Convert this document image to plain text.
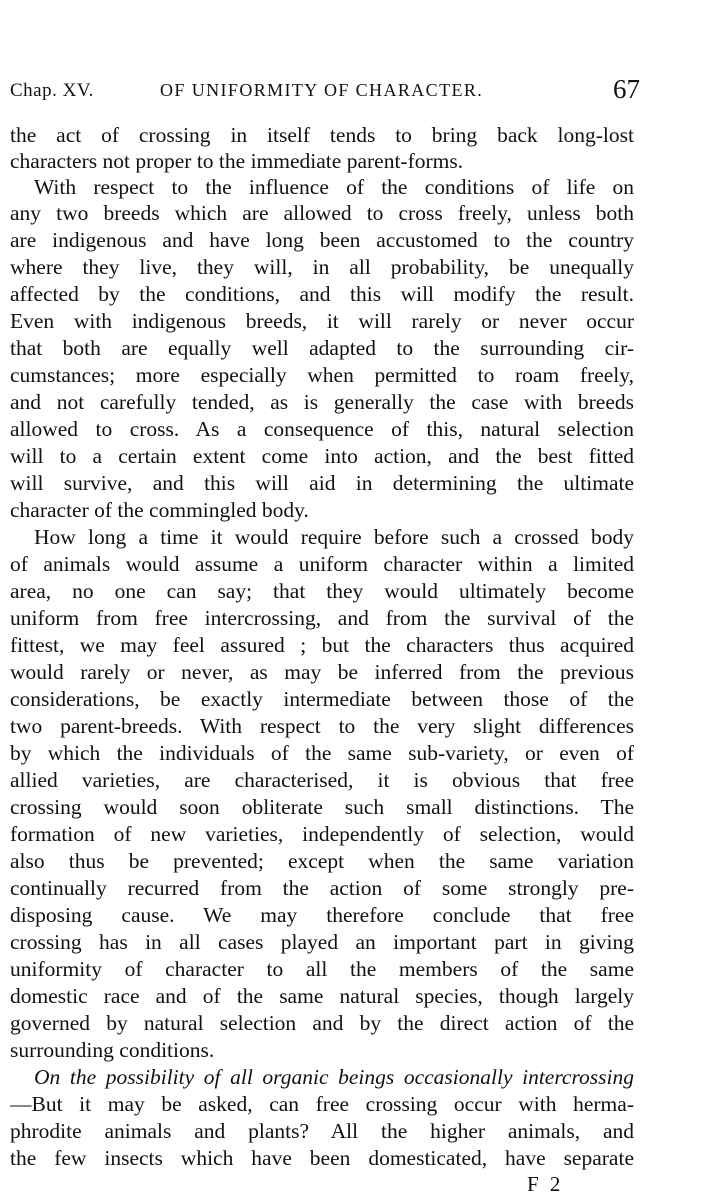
Chap. XV.	OF UNIFORMITY OF CHARACTER.	67
the act of crossing in itself tends to bring back long-lost
characters not proper to the immediate parent-forms.
With respect to the influence of the conditions of life on
any two breeds which are allowed to cross freely, unless both
are indigenous and have long been accustomed to the country
where they live, they will, in all probability, be unequally
affected by the conditions, and this will modify the result.
Even with indigenous breeds, it will rarely or never occur
that both are equally well adapted to the surrounding cir-
cumstances; more especially when permitted to roam freely,
and not carefully tended, as is generally the case with breeds
allowed to cross. As a consequence of this, natural selection
will to a certain extent come into action, and the best fitted
will survive, and this will aid in determining the ultimate
character of the commingled body.
How long a time it would require before such a crossed body
of animals would assume a uniform character within a limited
area, no one can say; that they would ultimately become
uniform from free intercrossing, and from the survival of the
fittest, we may feel assured ; but the characters thus acquired
would rarely or never, as may be inferred from the previous
considerations, be exactly intermediate between those of the
two parent-breeds. With respect to the very slight differences
by which the individuals of the same sub-variety, or even of
allied varieties, are characterised, it is obvious that free
crossing would soon obliterate such small distinctions. The
formation of new varieties, independently of selection, would
also thus be prevented; except when the same variation
continually recurred from the action of some strongly pre-
disposing cause. We may therefore conclude that free
crossing has in all cases played an important part in giving
uniformity of character to all the members of the same
domestic race and of the same natural species, though largely
governed by natural selection and by the direct action of the
surrounding conditions.
On the possibility of all organic beings occasionally intercrossing
—But it may be asked, can free crossing occur with herma-
phrodite animals and plants? All the higher animals, and
the few insects which have been domesticated, have separate
F 2
